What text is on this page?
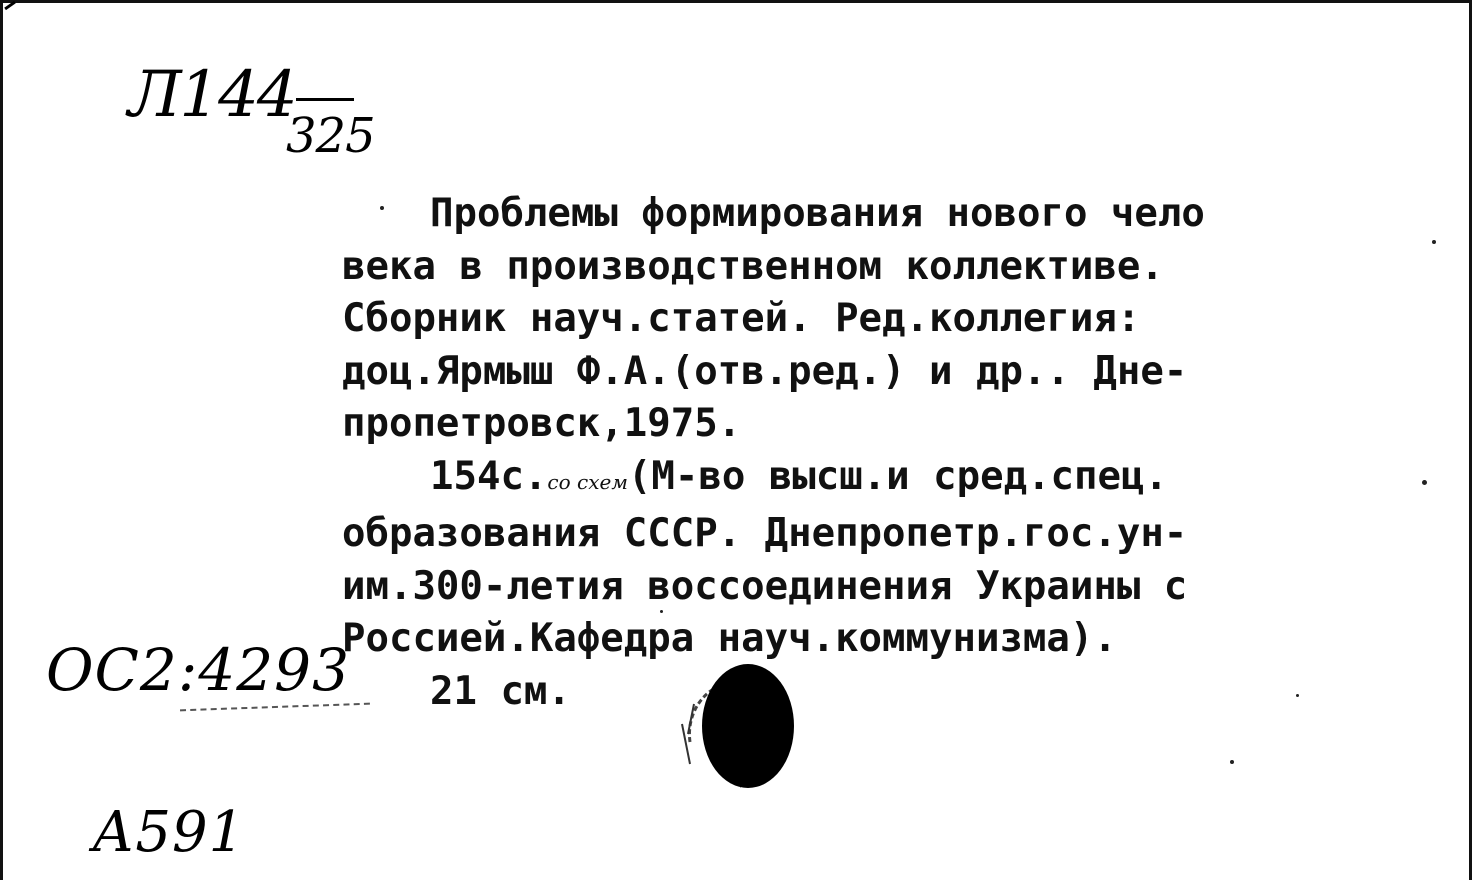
Л144
325
Проблемы формирования нового чело
века в производственном коллективе.
Сборник науч.статей. Ред.коллегия:
доц.Ярмыш Ф.А.(отв.ред.) и др.. Дне-
пропетровск,1975.
154с.со схем(М-во высш.и сред.спец.
образования СССР. Днепропетр.гос.ун-
им.300-летия воссоединения Украины с
Россией.Кафедра науч.коммунизма).
21 см.
ОС2:4293
А591
